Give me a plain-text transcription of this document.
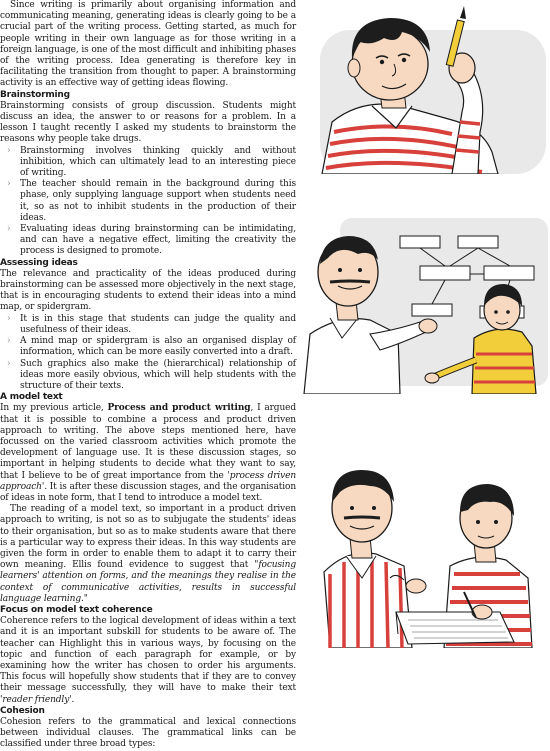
Since writing is primarily about organising information and communicating meaning, generating ideas is clearly going to be a crucial part of the writing process. Getting started, as much for people writing in their own language as for those writing in a foreign language, is one of the most difficult and inhibiting phases of the writing process. Idea generating is therefore key in facilitating the transition from thought to paper. A brainstorming activity is an effective way of getting ideas flowing.

Brainstorming

Brainstorming consists of group discussion. Students might discuss an idea, the answer to or reasons for a problem. In a lesson I taught recently I asked my students to brainstorm the reasons why people take drugs.

› Brainstorming involves thinking quickly and without inhibition, which can ultimately lead to an interesting piece of writing.
› The teacher should remain in the background during this phase, only supplying language support when students need it, so as not to inhibit students in the production of their ideas.
› Evaluating ideas during brainstorming can be intimidating, and can have a negative effect, limiting the creativity the process is designed to promote.
Assessing ideas

The relevance and practicality of the ideas produced during brainstorming can be assessed more objectively in the next stage, that is in encouraging students to extend their ideas into a mind map, or spidergram.

› It is in this stage that students can judge the quality and usefulness of their ideas.
› A mind map or spidergram is also an organised display of information, which can be more easily converted into a draft.
› Such graphics also make the (hierarchical) relationship of ideas more easily obvious, which will help students with the structure of their texts.
A model text

In my previous article, Process and product writing, I argued that it is possible to combine a process and product driven approach to writing. The above steps mentioned here, have focussed on the varied classroom activities which promote the development of language use. It is these discussion stages, so important in helping students to decide what they want to say, that I believe to be of great importance from the 'process driven approach'. It is after these discussion stages, and the organisation of ideas in note form, that I tend to introduce a model text.

The reading of a model text, so important in a product driven approach to writing, is not so as to subjugate the students' ideas to their organisation, but so as to make students aware that there is a particular way to express their ideas. In this way students are given the form in order to enable them to adapt it to carry their own meaning. Ellis found evidence to suggest that "focusing learners' attention on forms, and the meanings they realise in the context of communicative activities, results in successful language learning."

Focus on model text coherence

Coherence refers to the logical development of ideas within a text and it is an important subskill for students to be aware of. The teacher can Highlight this in various ways, by focusing on the topic and function of each paragraph for example, or by examining how the writer has chosen to order his arguments. This focus will hopefully show students that if they are to convey their message successfully, they will have to make their text 'reader friendly'.

Cohesion

Cohesion refers to the grammatical and lexical connections between individual clauses. The grammatical links can be classified under three broad types:
